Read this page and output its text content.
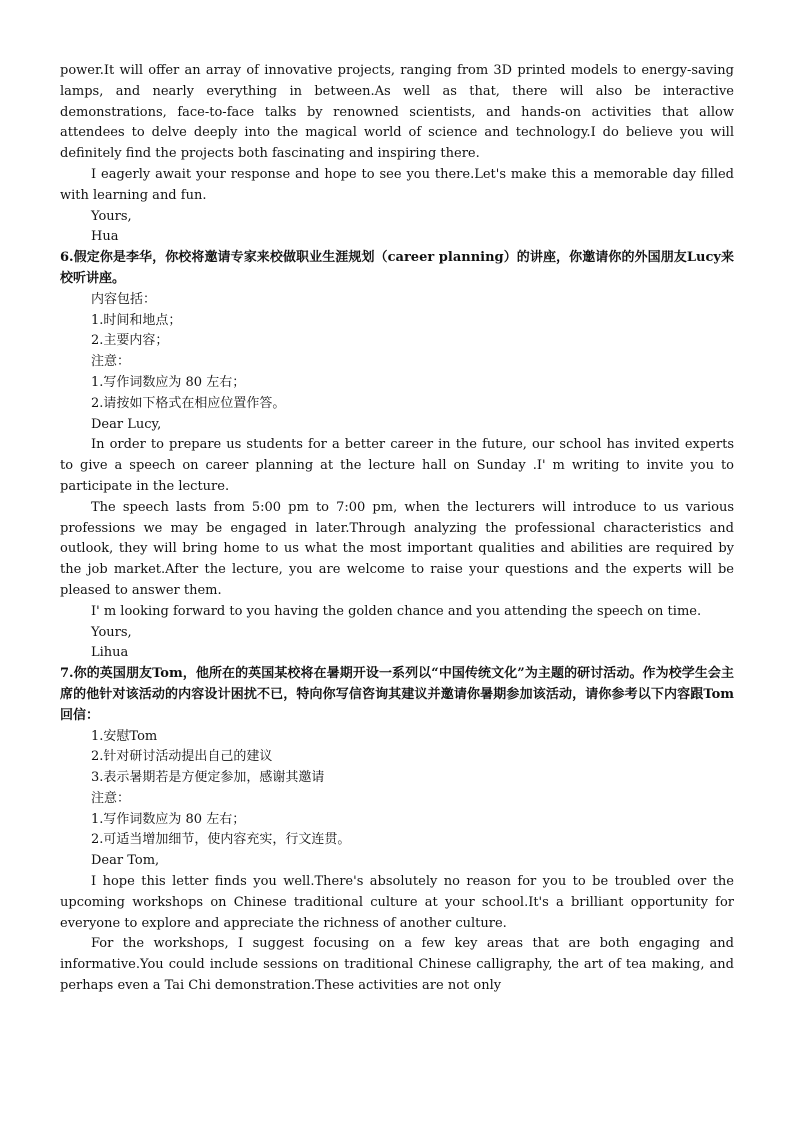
power.It will offer an array of innovative projects, ranging from 3D printed models to energy-saving lamps, and nearly everything in between.As well as that, there will also be interactive demonstrations, face-to-face talks by renowned scientists, and hands-on activities that allow attendees to delve deeply into the magical world of science and technology.I do believe you will definitely find the projects both fascinating and inspiring there.
I eagerly await your response and hope to see you there.Let's make this a memorable day filled with learning and fun.
Yours,
Hua
6.假定你是李华，你校将邀请专家来校做职业生涯规划（career planning）的讲座，你邀请你的外国朋友Lucy来校听讲座。
内容包括：
1.时间和地点；
2.主要内容；
注意：
1.写作词数应为 80 左右；
2.请按如下格式在相应位置作答。
Dear Lucy,
In order to prepare us students for a better career in the future, our school has invited experts to give a speech on career planning at the lecture hall on Sunday .I' m writing to invite you to participate in the lecture.
The speech lasts from 5:00 pm to 7:00 pm, when the lecturers will introduce to us various professions we may be engaged in later.Through analyzing the professional characteristics and outlook, they will bring home to us what the most important qualities and abilities are required by the job market.After the lecture, you are welcome to raise your questions and the experts will be pleased to answer them.
I' m looking forward to you having the golden chance and you attending the speech on time.
Yours,
Lihua
7.你的英国朋友Tom，他所在的英国某校将在暑期开设一系列以“中国传统文化”为主题的研讨活动。作为校学生会主席的他针对该活动的内容设计困扰不已，特向你写信咨询其建议并邀请你暑期参加该活动，请你参考以下内容跟Tom回信：
1.安慰Tom
2.针对研讨活动提出自己的建议
3.表示暑期若是方便定参加，感谢其邀请
注意：
1.写作词数应为 80 左右；
2.可适当增加细节，使内容充实，行文连贯。
Dear Tom,
I hope this letter finds you well.There's absolutely no reason for you to be troubled over the upcoming workshops on Chinese traditional culture at your school.It's a brilliant opportunity for everyone to explore and appreciate the richness of another culture.
For the workshops, I suggest focusing on a few key areas that are both engaging and informative.You could include sessions on traditional Chinese calligraphy, the art of tea making, and perhaps even a Tai Chi demonstration.These activities are not only
